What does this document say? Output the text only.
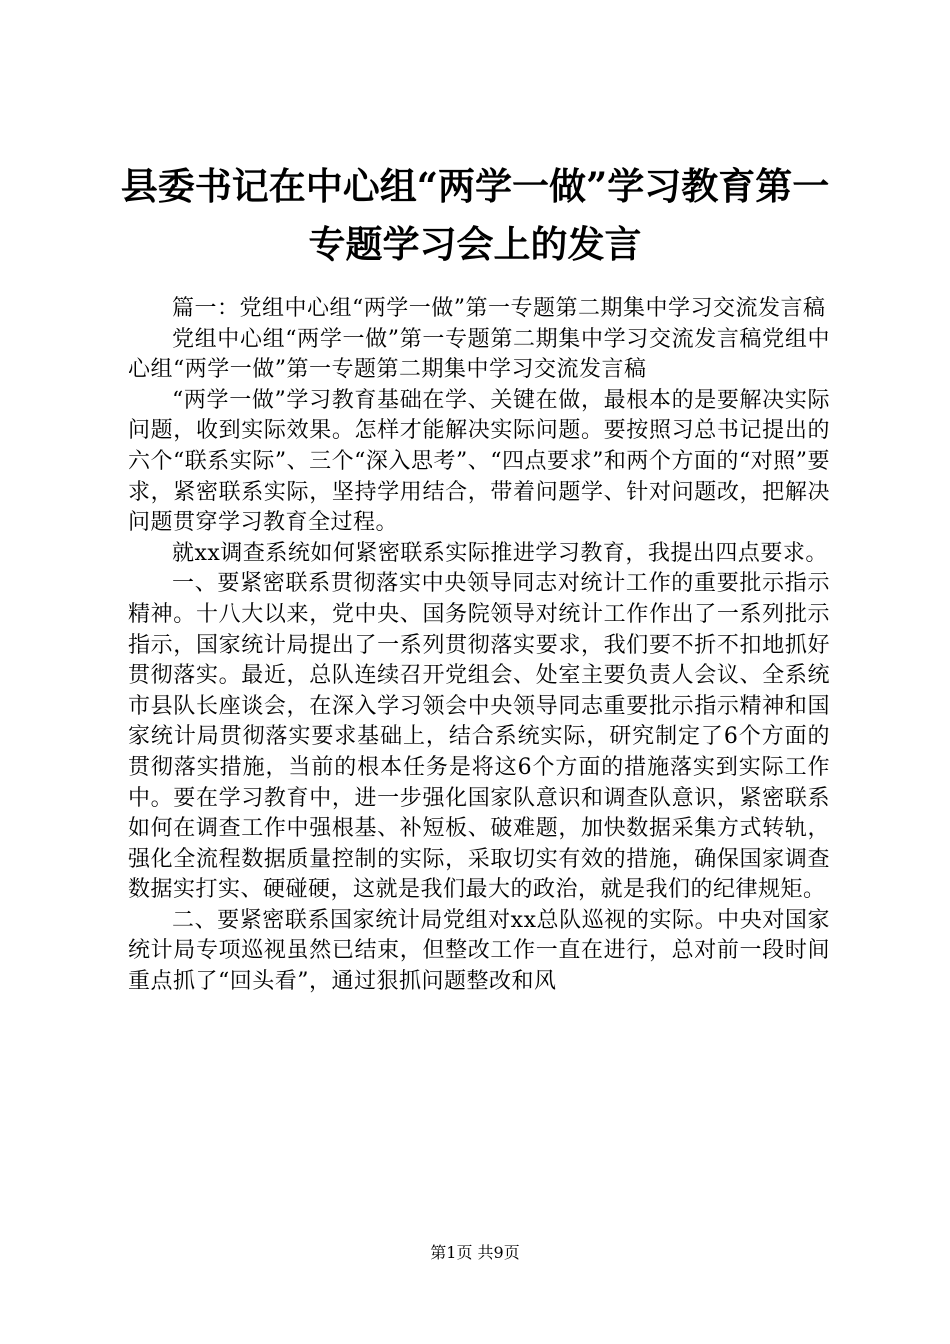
县委书记在中心组“两学一做”学习教育第一
专题学习会上的发言

篇一：党组中心组“两学一做”第一专题第二期集中学习交流发言稿

党组中心组“两学一做”第一专题第二期集中学习交流发言稿党组中心组“两学一做”第一专题第二期集中学习交流发言稿

“两学一做”学习教育基础在学、关键在做，最根本的是要解决实际问题，收到实际效果。怎样才能解决实际问题。要按照习总书记提出的六个“联系实际”、三个“深入思考”、“四点要求”和两个方面的“对照”要求，紧密联系实际，坚持学用结合，带着问题学、针对问题改，把解决问题贯穿学习教育全过程。

就xx调查系统如何紧密联系实际推进学习教育，我提出四点要求。

一、要紧密联系贯彻落实中央领导同志对统计工作的重要批示指示精神。十八大以来，党中央、国务院领导对统计工作作出了一系列批示指示，国家统计局提出了一系列贯彻落实要求，我们要不折不扣地抓好贯彻落实。最近，总队连续召开党组会、处室主要负责人会议、全系统市县队长座谈会，在深入学习领会中央领导同志重要批示指示精神和国家统计局贯彻落实要求基础上，结合系统实际，研究制定了6个方面的贯彻落实措施，当前的根本任务是将这6个方面的措施落实到实际工作中。要在学习教育中，进一步强化国家队意识和调查队意识，紧密联系如何在调查工作中强根基、补短板、破难题，加快数据采集方式转轨，强化全流程数据质量控制的实际，采取切实有效的措施，确保国家调查数据实打实、硬碰硬，这就是我们最大的政治，就是我们的纪律规矩。

二、要紧密联系国家统计局党组对xx总队巡视的实际。中央对国家统计局专项巡视虽然已结束，但整改工作一直在进行，总对前一段时间重点抓了“回头看”，通过狠抓问题整改和风

第1页 共9页
